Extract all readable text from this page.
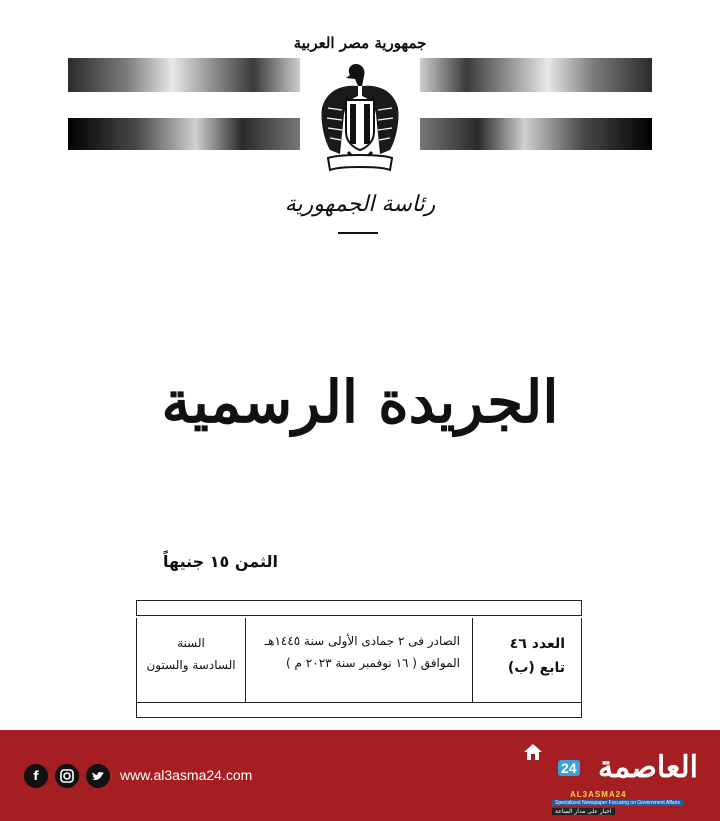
جمهورية مصر العربية
رئاسة الجمهورية
الجريدة الرسمية
الثمن ١٥ جنيهاً
السنة
السادسة والستون
الصادر فى ٢ جمادى الأولى سنة ١٤٤٥هـ
الموافق ( ١٦ نوفمبر سنة ٢٠٢٣ م )
العدد ٤٦
تابع (ب)
f	www.al3asma24.com	العاصمة
24
AL3ASMA24
Specialized Newspaper Focusing on Government Affairs
اخبار على مدار الساعة
